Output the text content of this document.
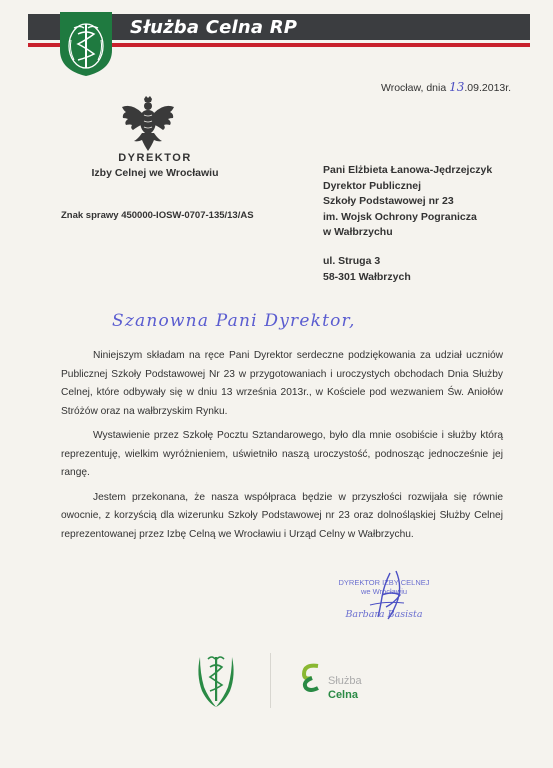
Służba Celna RP
Wrocław, dnia 13.09.2013r.
DYREKTOR
Izby Celnej we Wrocławiu
Znak sprawy 450000-IOSW-0707-135/13/AS
Pani Elżbieta Łanowa-Jędrzejczyk
Dyrektor Publicznej
Szkoły Podstawowej nr 23
im. Wojsk Ochrony Pogranicza
w Wałbrzychu
ul. Struga 3
58-301 Wałbrzych
Szanowna Pani Dyrektor,

Niniejszym składam na ręce Pani Dyrektor serdeczne podziękowania za udział uczniów Publicznej Szkoły Podstawowej Nr 23 w przygotowaniach i uroczystych obchodach Dnia Służby Celnej, które odbywały się w dniu 13 września 2013r., w Kościele pod wezwaniem Św. Aniołów Stróżów oraz na wałbrzyskim Rynku.

Wystawienie przez Szkołę Pocztu Sztandarowego, było dla mnie osobiście i służby którą reprezentuję, wielkim wyróżnieniem, uświetniło naszą uroczystość, podnosząc jednocześnie jej rangę.

Jestem przekonana, że nasza współpraca będzie w przyszłości rozwijała się równie owocnie, z korzyścią dla wizerunku Szkoły Podstawowej nr 23 oraz dolnośląskiej Służby Celnej reprezentowanej przez Izbę Celną we Wrocławiu i Urząd Celny w Wałbrzychu.

DYREKTOR IZBY CELNEJ
we Wrocławiu
Barbara Basista
Służba
Celna
